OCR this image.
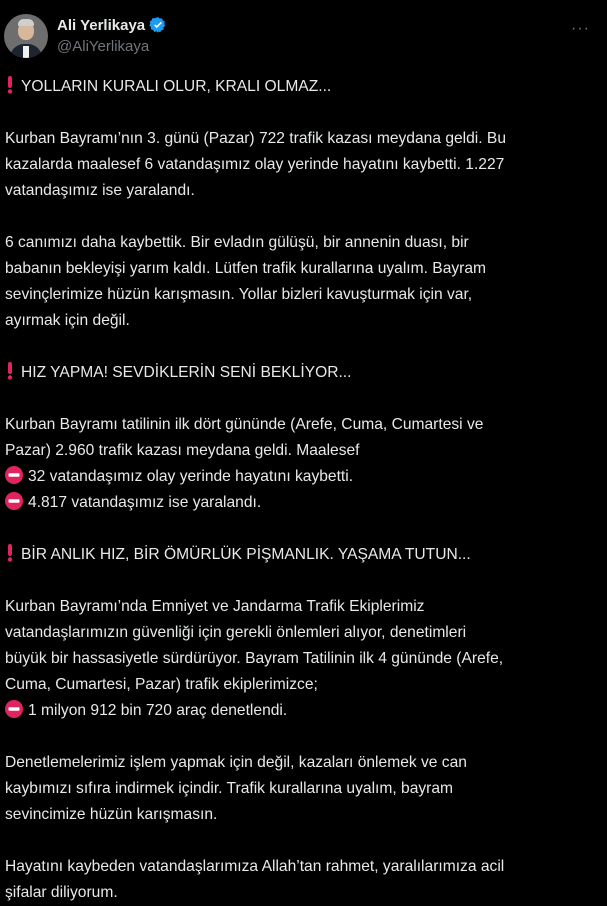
Ali Yerlikaya
@AliYerlikaya
···
YOLLARIN KURALI OLUR, KRALI OLMAZ...
Kurban Bayramı’nın 3. günü (Pazar) 722 trafik kazası meydana geldi. Bu
kazalarda maalesef 6 vatandaşımız olay yerinde hayatını kaybetti. 1.227
vatandaşımız ise yaralandı.
6 canımızı daha kaybettik. Bir evladın gülüşü, bir annenin duası, bir
babanın bekleyişi yarım kaldı. Lütfen trafik kurallarına uyalım. Bayram
sevinçlerimize hüzün karışmasın. Yollar bizleri kavuşturmak için var,
ayırmak için değil.
HIZ YAPMA! SEVDİKLERİN SENİ BEKLİYOR...
Kurban Bayramı tatilinin ilk dört gününde (Arefe, Cuma, Cumartesi ve
Pazar) 2.960 trafik kazası meydana geldi. Maalesef
32 vatandaşımız olay yerinde hayatını kaybetti.
4.817 vatandaşımız ise yaralandı.
BİR ANLIK HIZ, BİR ÖMÜRLÜK PİŞMANLIK. YAŞAMA TUTUN...
Kurban Bayramı’nda Emniyet ve Jandarma Trafik Ekiplerimiz
vatandaşlarımızın güvenliği için gerekli önlemleri alıyor, denetimleri
büyük bir hassasiyetle sürdürüyor. Bayram Tatilinin ilk 4 gününde (Arefe,
Cuma, Cumartesi, Pazar) trafik ekiplerimizce;
1 milyon 912 bin 720 araç denetlendi.
Denetlemelerimiz işlem yapmak için değil, kazaları önlemek ve can
kaybımızı sıfıra indirmek içindir. Trafik kurallarına uyalım, bayram
sevincimize hüzün karışmasın.
Hayatını kaybeden vatandaşlarımıza Allah’tan rahmet, yaralılarımıza acil
şifalar diliyorum.
